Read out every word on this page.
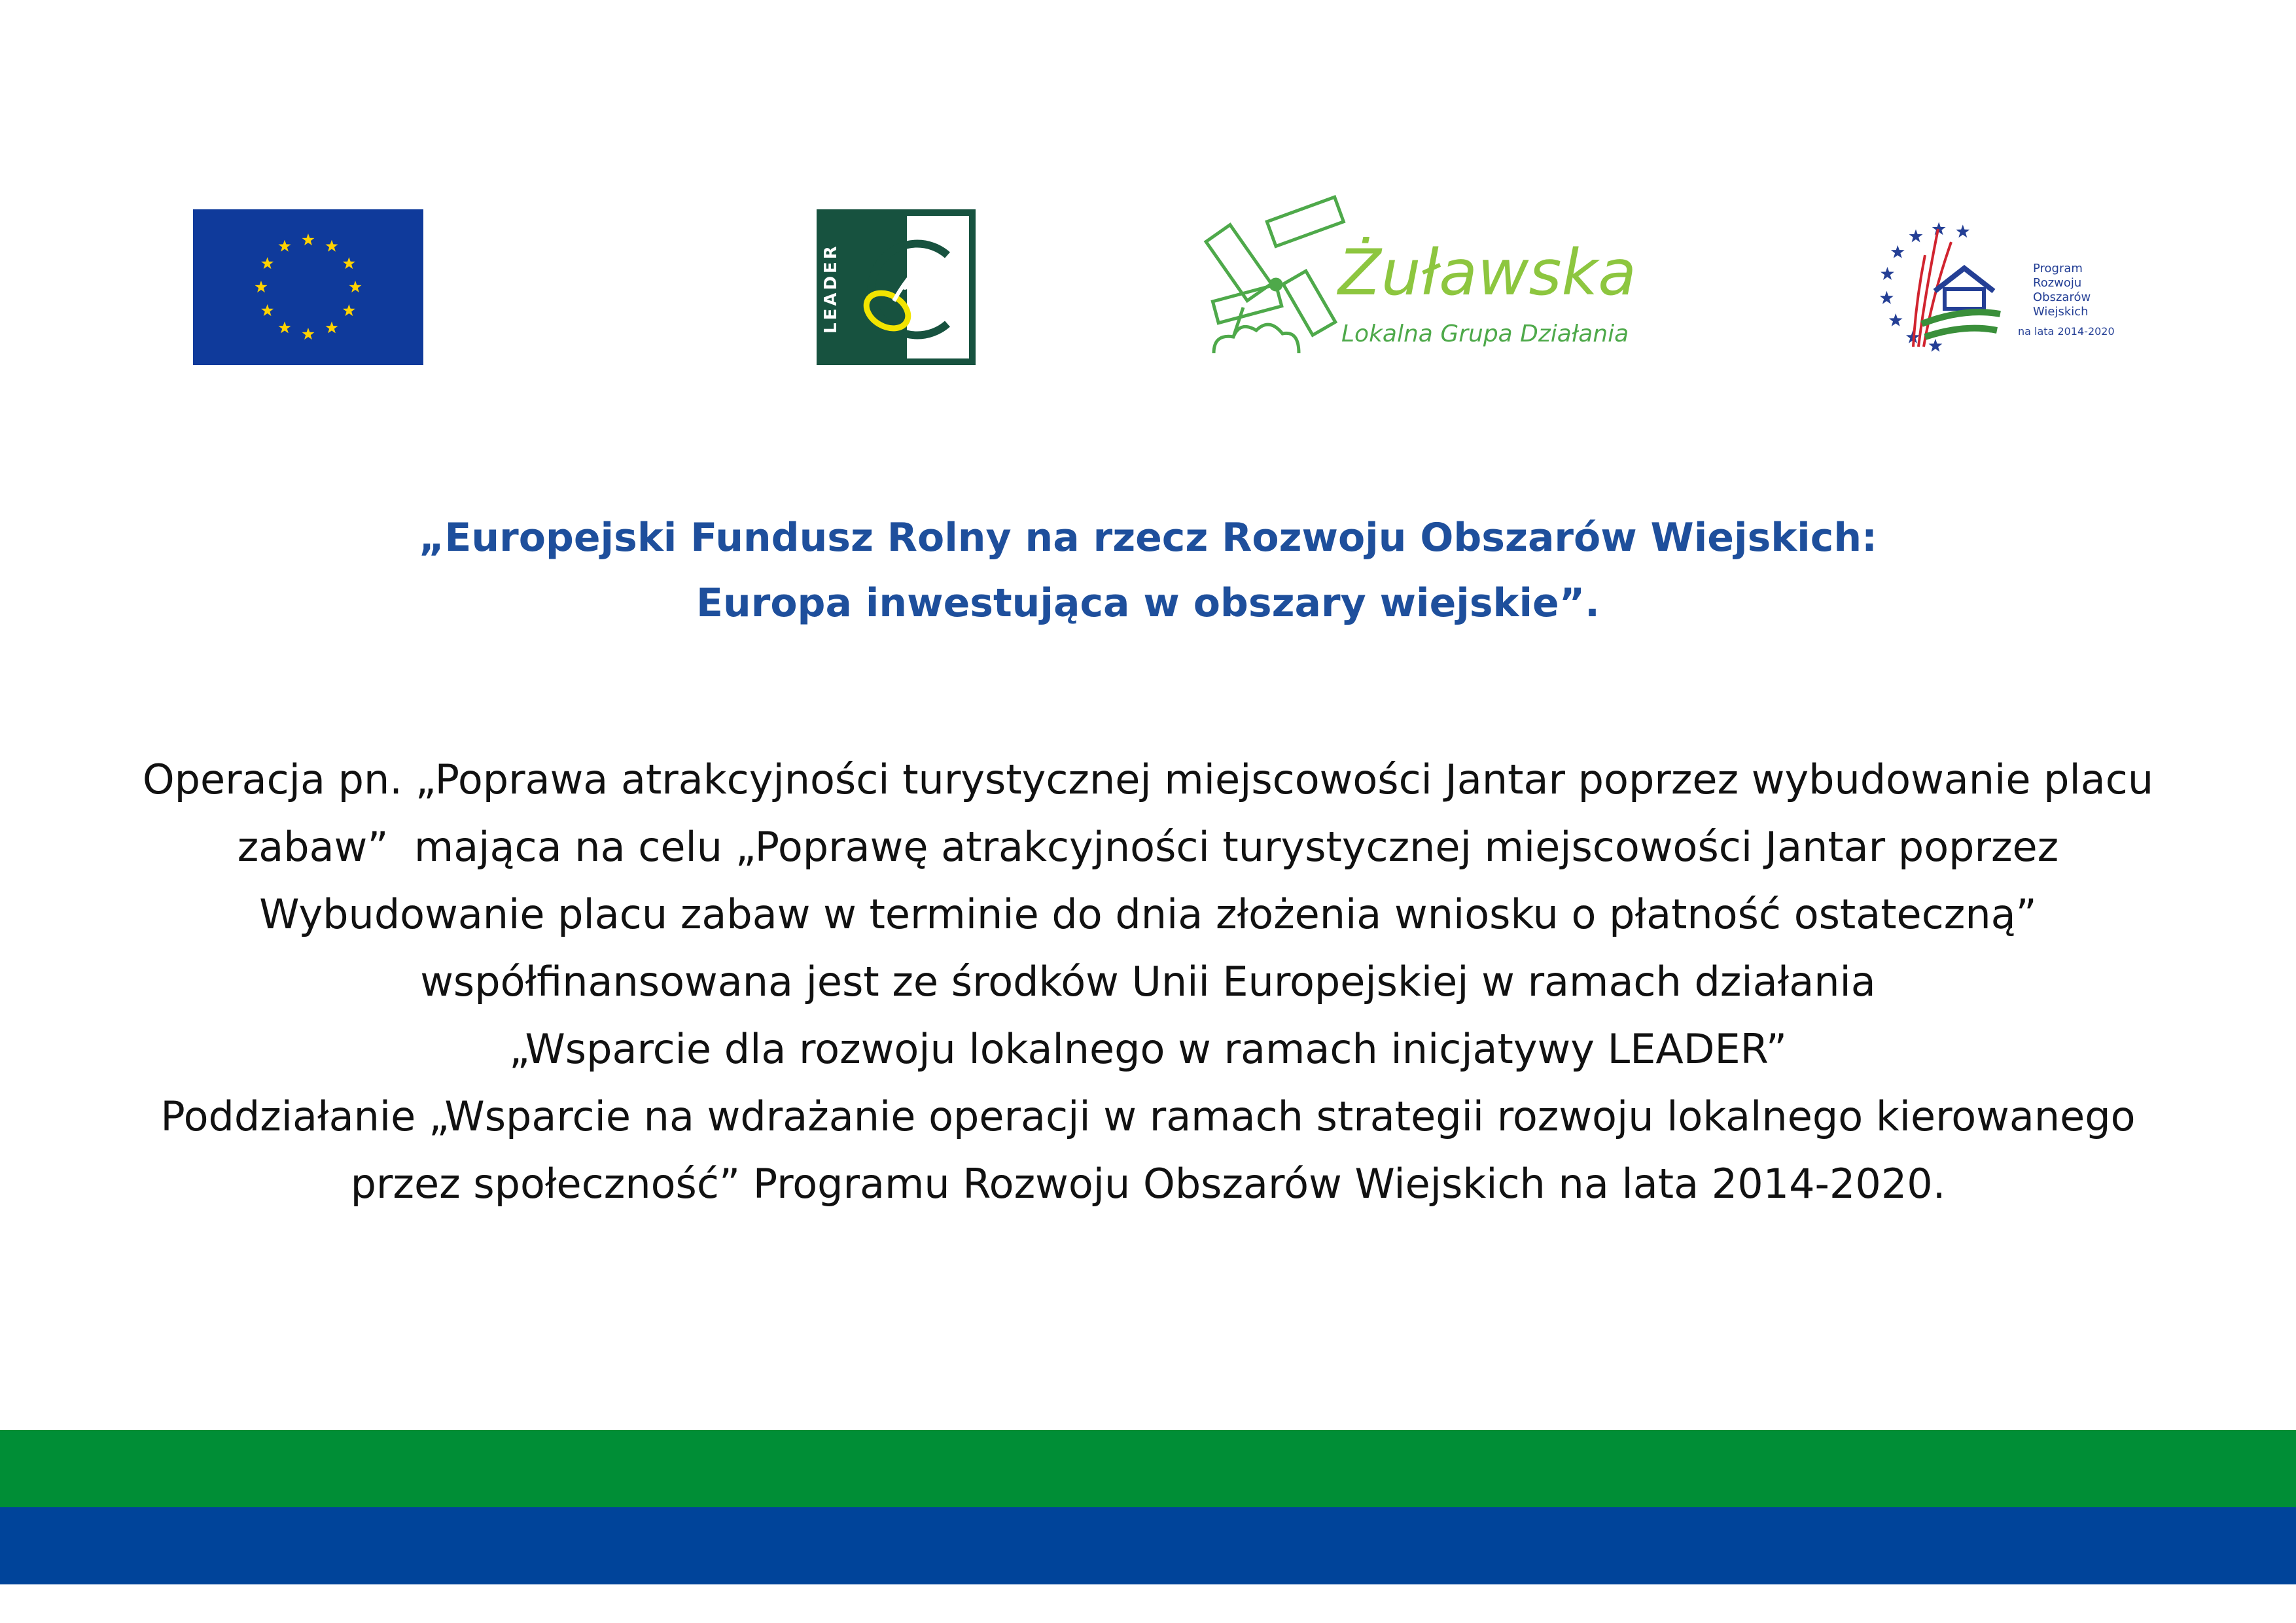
LEADER	Żuławska
Lokalna Grupa Działania
Program
Rozwoju
Obszarów
Wiejskich
na lata 2014-2020
„Europejski Fundusz Rolny na rzecz Rozwoju Obszarów Wiejskich:
Europa inwestująca w obszary wiejskie”.

Operacja pn. „Poprawa atrakcyjności turystycznej miejscowości Jantar poprzez wybudowanie placu
zabaw”  mająca na celu „Poprawę atrakcyjności turystycznej miejscowości Jantar poprzez
Wybudowanie placu zabaw w terminie do dnia złożenia wniosku o płatność ostateczną”
współfinansowana jest ze środków Unii Europejskiej w ramach działania
„Wsparcie dla rozwoju lokalnego w ramach inicjatywy LEADER”
Poddziałanie „Wsparcie na wdrażanie operacji w ramach strategii rozwoju lokalnego kierowanego
przez społeczność” Programu Rozwoju Obszarów Wiejskich na lata 2014-2020.
